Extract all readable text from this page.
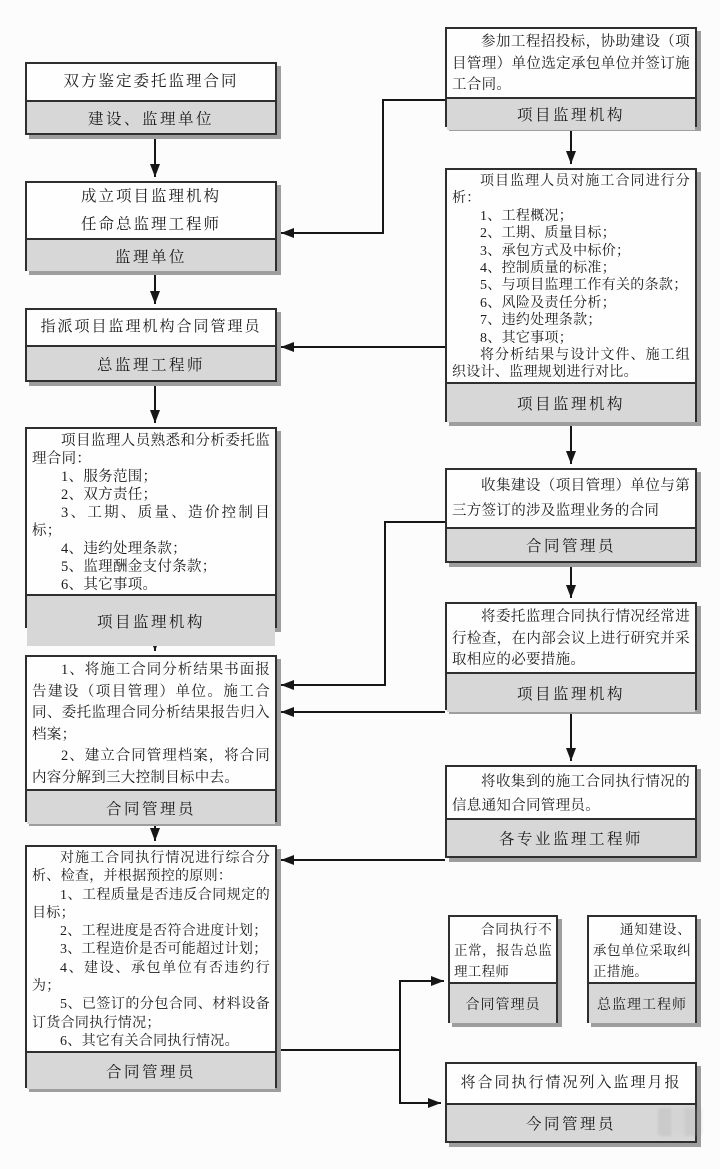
双方鉴定委托监理合同

建设、监理单位

成立项目监理机构

任命总监理工程师

监理单位

指派项目监理机构合同管理员

总监理工程师

项目监理人员熟悉和分析委托监理合同：

1、服务范围；

2、双方责任；

3、工期、质量、造价控制目标；

4、违约处理条款；

5、监理酬金支付条款；

6、其它事项。

项目监理机构

1、将施工合同分析结果书面报告建设（项目管理）单位。施工合同、委托监理合同分析结果报告归入档案；

2、建立合同管理档案，将合同内容分解到三大控制目标中去。

合同管理员

对施工合同执行情况进行综合分析、检查，并根据预控的原则：

1、工程质量是否违反合同规定的目标；

2、工程进度是否符合进度计划；

3、工程造价是否可能超过计划；

4、建设、承包单位有否违约行为；

5、已签订的分包合同、材料设备订货合同执行情况；

6、其它有关合同执行情况。

合同管理员

参加工程招投标，协助建设（项目管理）单位选定承包单位并签订施工合同。

项目监理机构

项目监理人员对施工合同进行分析：

1、工程概况；

2、工期、质量目标；

3、承包方式及中标价；

4、控制质量的标准；

5、与项目监理工作有关的条款；

6、风险及责任分析；

7、违约处理条款；

8、其它事项；

将分析结果与设计文件、施工组织设计、监理规划进行对比。

项目监理机构

收集建设（项目管理）单位与第三方签订的涉及监理业务的合同

合同管理员

将委托监理合同执行情况经常进行检查，在内部会议上进行研究并采取相应的必要措施。

项目监理机构

将收集到的施工合同执行情况的信息通知合同管理员。

各专业监理工程师

合同执行不正常，报告总监理工程师

合同管理员

通知建设、承包单位采取纠正措施。

总监理工程师

将合同执行情况列入监理月报

今同管理员
